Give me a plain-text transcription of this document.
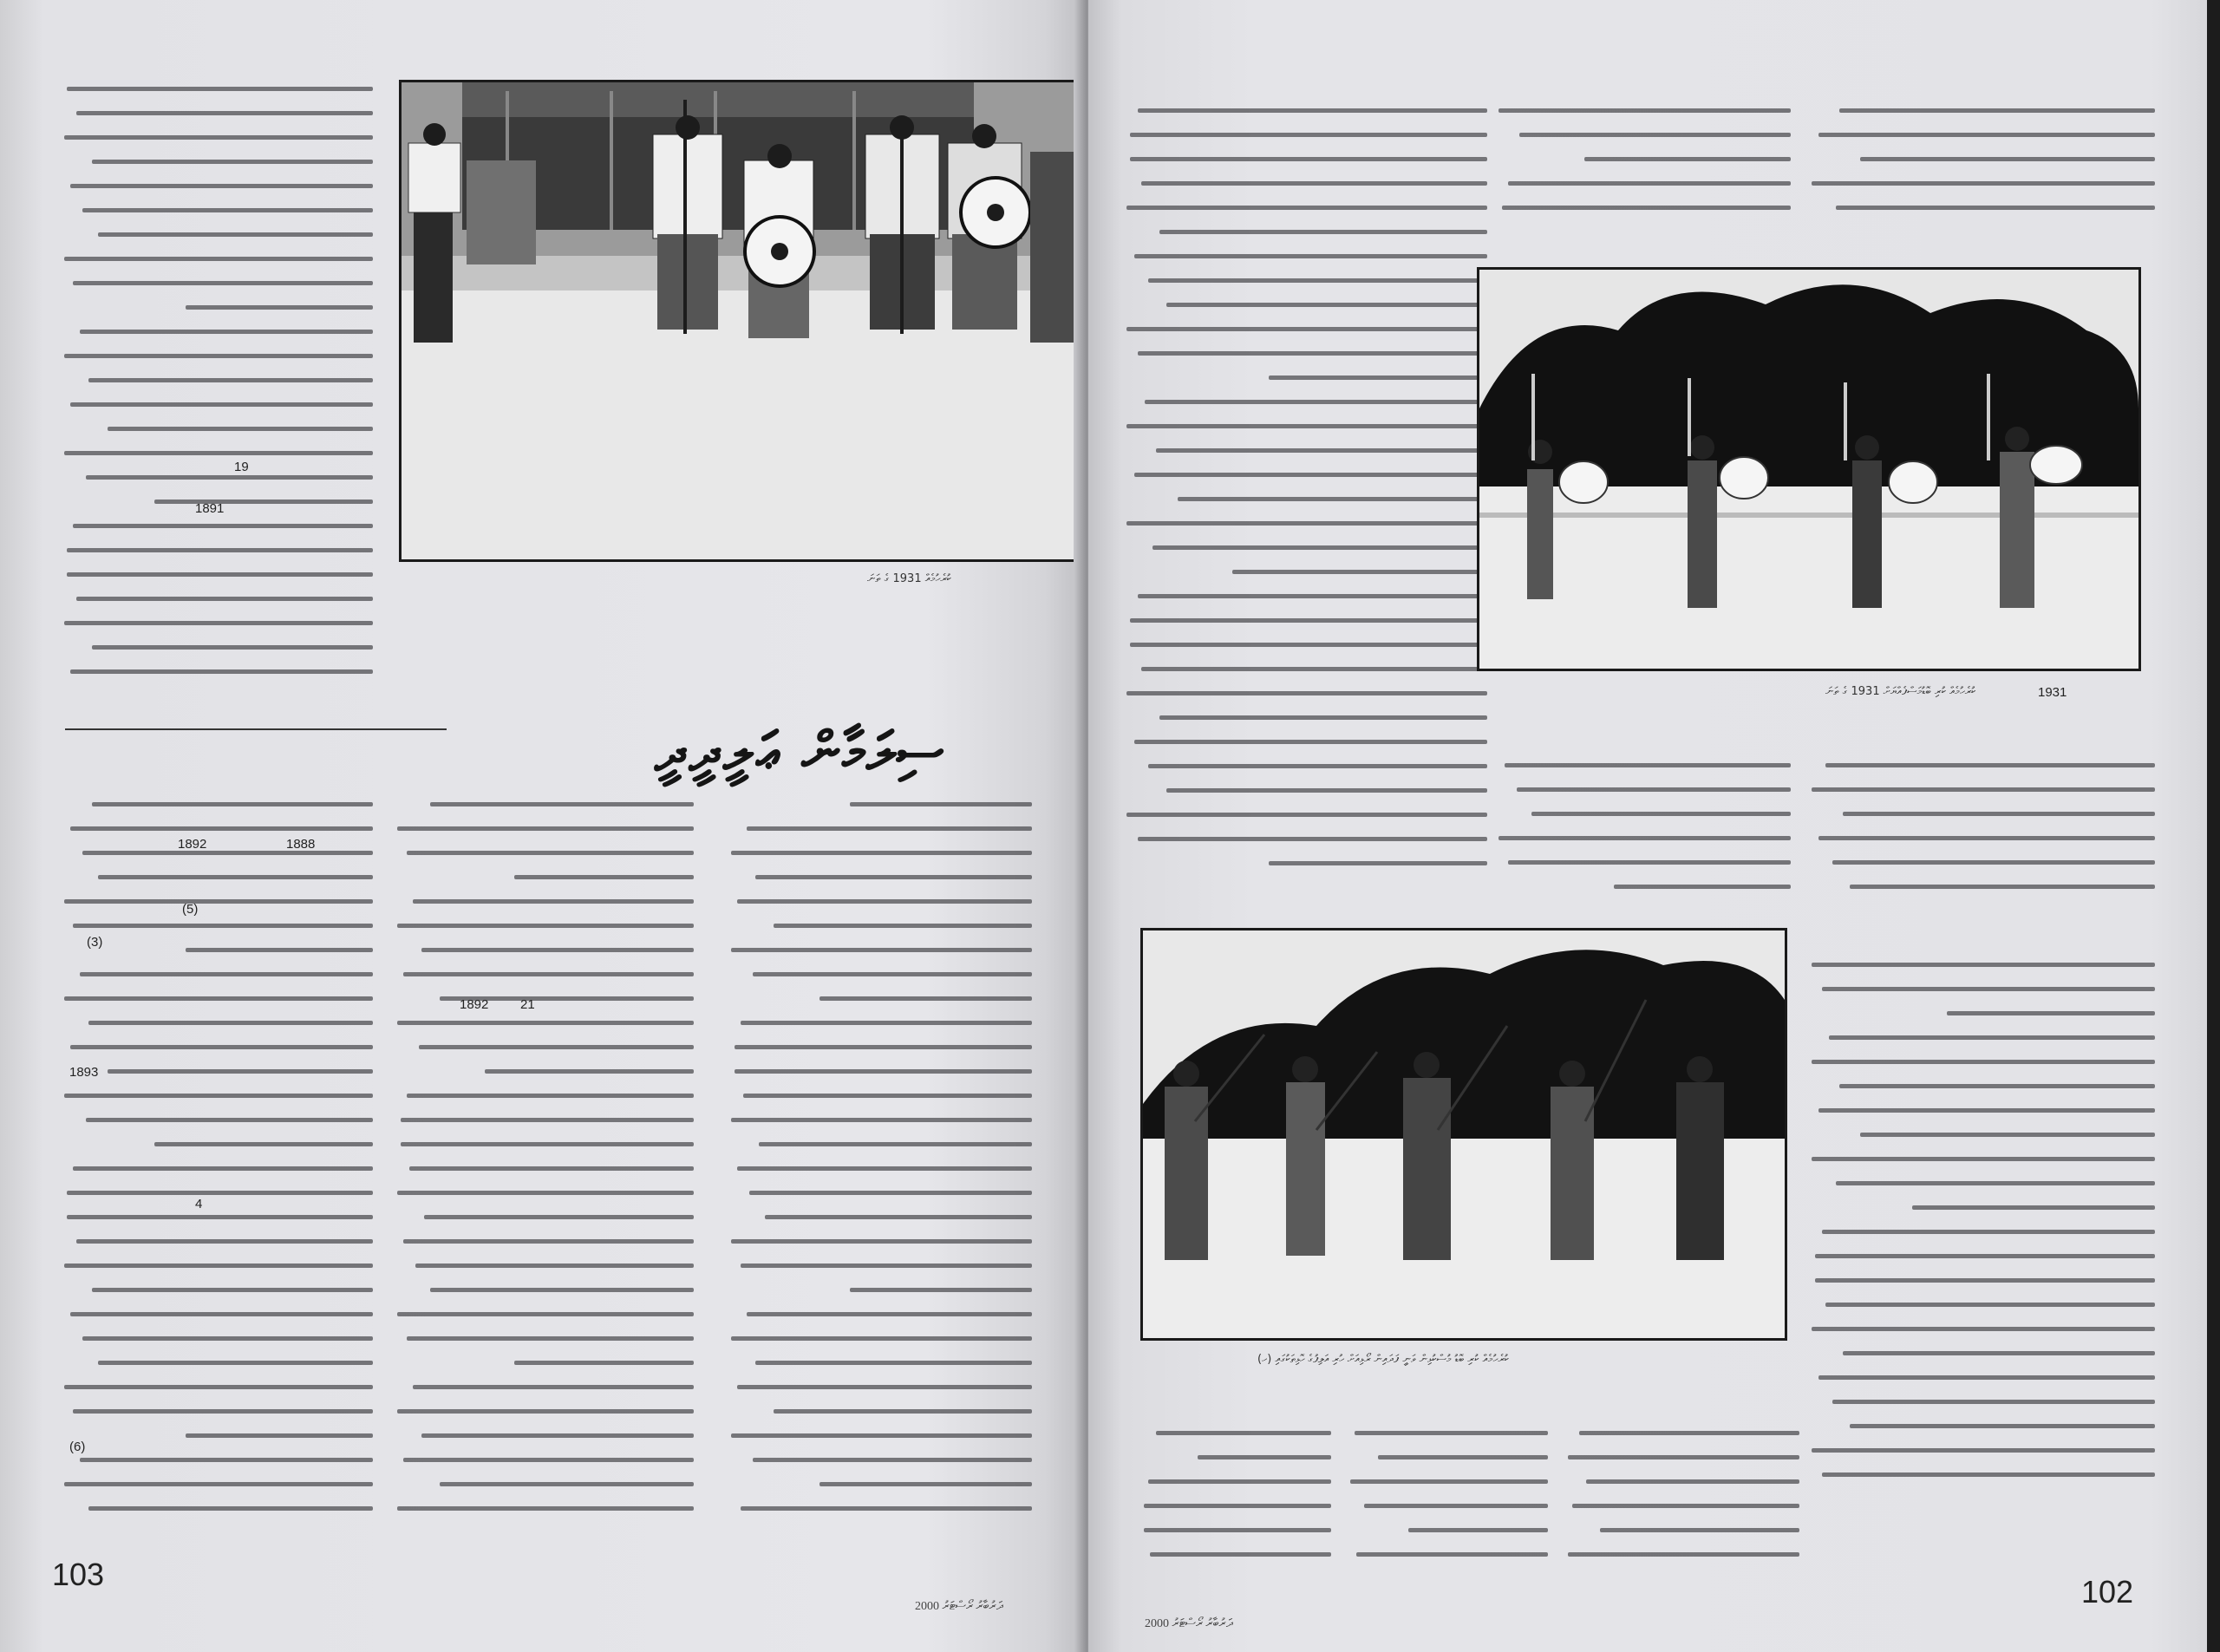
ކުރެހުމެއް 1931 ގެ ތަނަ
ސިލަމާން ޢަލީދީދީ
19
1891
1888
1892
(5)
(3)
21
1892
1893
4
(6)
103
ދަރުބާރު ރޯސްޓަރު 2000
ކުރެހުމެއް ކުރި ބޮޑުމަސްފެއްޔަށް 1931 ގެ ތަނަ
ކުރެހުމެއް ކުރި ބޮޑު މުސްކުޅިން ވަނީ ފަދައިން ރޯޅިއަށް ހުރި އަލިފުގެ ހޮޅިތަކުގައި (ހ)
1931
102
ދަރުބާރު ރޯސްޓަރު 2000
